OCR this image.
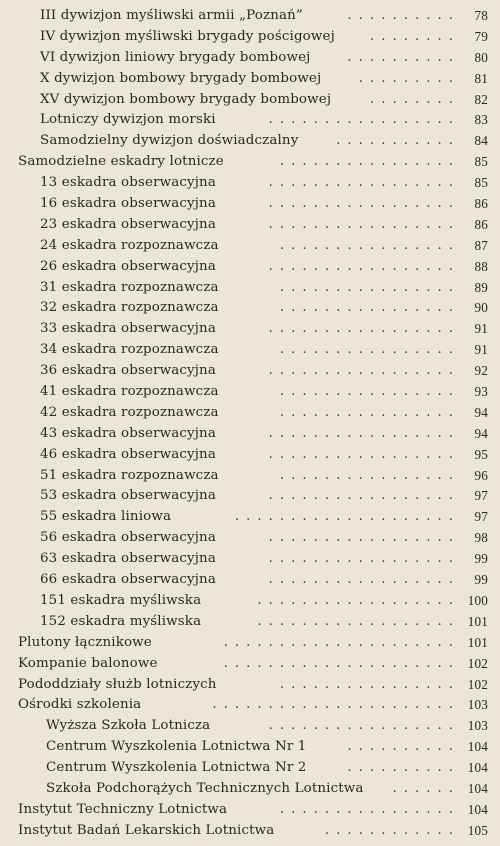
III dywizjon myśliwski armii „Poznań”	..........	78
IV dywizjon myśliwski brygady pościgowej	........	79
VI dywizjon liniowy brygady bombowej	..........	80
X dywizjon bombowy brygady bombowej	.........	81
XV dywizjon bombowy brygady bombowej	........	82
Lotniczy dywizjon morski	.................	83
Samodzielny dywizjon doświadczalny	...........	84
Samodzielne eskadry lotnicze	................	85
13 eskadra obserwacyjna	.................	85
16 eskadra obserwacyjna	.................	86
23 eskadra obserwacyjna	.................	86
24 eskadra rozpoznawcza	................	87
26 eskadra obserwacyjna	.................	88
31 eskadra rozpoznawcza	................	89
32 eskadra rozpoznawcza	................	90
33 eskadra obserwacyjna	.................	91
34 eskadra rozpoznawcza	................	91
36 eskadra obserwacyjna	.................	92
41 eskadra rozpoznawcza	................	93
42 eskadra rozpoznawcza	................	94
43 eskadra obserwacyjna	.................	94
46 eskadra obserwacyjna	.................	95
51 eskadra rozpoznawcza	................	96
53 eskadra obserwacyjna	.................	97
55 eskadra liniowa	....................	97
56 eskadra obserwacyjna	.................	98
63 eskadra obserwacyjna	.................	99
66 eskadra obserwacyjna	.................	99
151 eskadra myśliwska	.................. 100
152 eskadra myśliwska	.................. 101
Plutony łącznikowe	..................... 101
Kompanie balonowe	..................... 102
Pododdziały służb lotniczych	................ 102
Ośrodki szkolenia	...................... 103
Wyższa Szkoła Lotnicza	................. 103
Centrum Wyszkolenia Lotnictwa Nr 1	.......... 104
Centrum Wyszkolenia Lotnictwa Nr 2	.......... 104
Szkoła Podchorążych Technicznych Lotnictwa ...... 104
Instytut Techniczny Lotnictwa	................ 104
Instytut Badań Lekarskich Lotnictwa	............ 105
